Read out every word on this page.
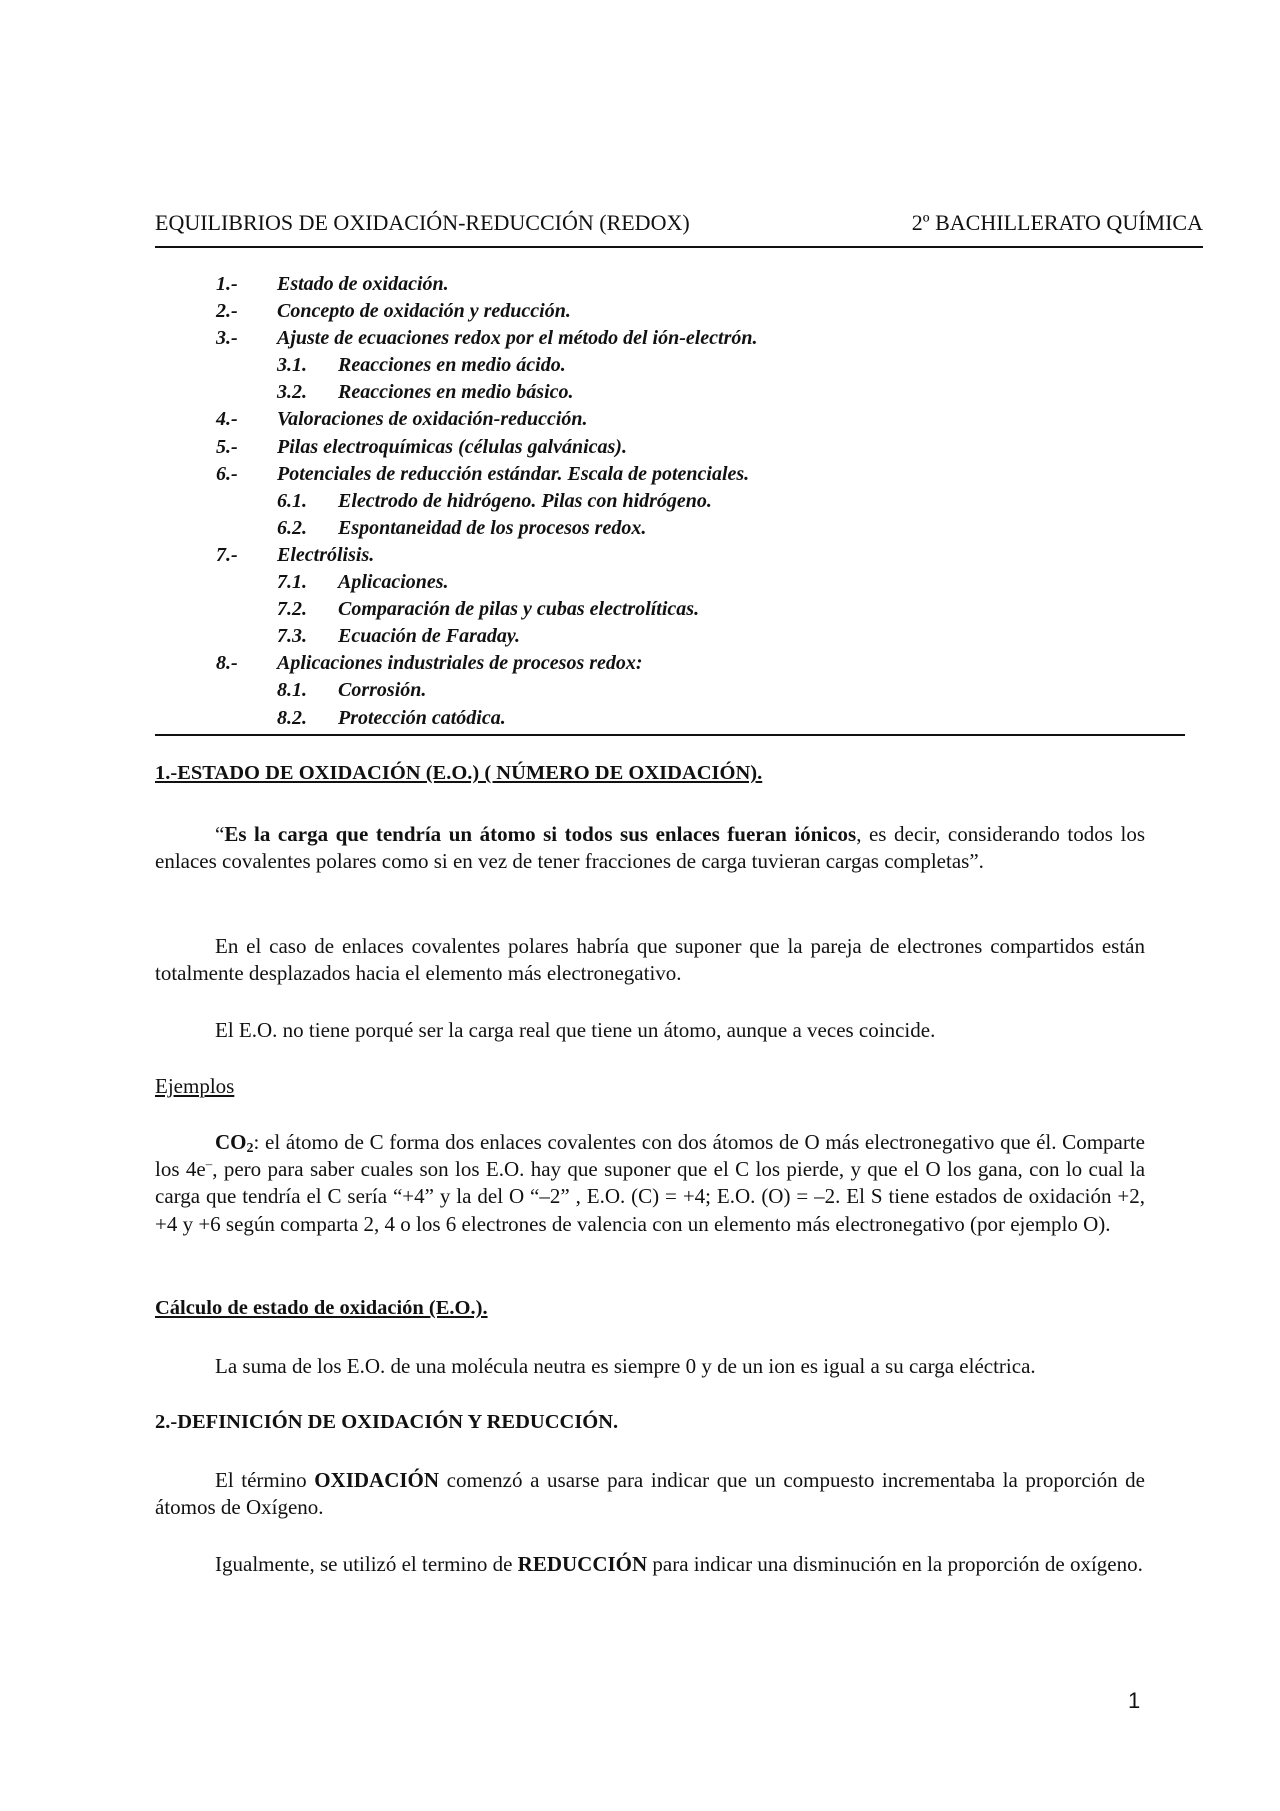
EQUILIBRIOS DE OXIDACIÓN-REDUCCIÓN (REDOX)	2º BACHILLERATO QUÍMICA
1.-	Estado de oxidación.
2.-	Concepto de oxidación y reducción.
3.-	Ajuste de ecuaciones redox por el método del ión-electrón.
3.1.	Reacciones en medio ácido.
3.2.	Reacciones en medio básico.
4.-	Valoraciones de oxidación-reducción.
5.-	Pilas electroquímicas (células galvánicas).
6.-	Potenciales de reducción estándar. Escala de potenciales.
6.1.	Electrodo de hidrógeno. Pilas con hidrógeno.
6.2.	Espontaneidad de los procesos redox.
7.-	Electrólisis.
7.1.	Aplicaciones.
7.2.	Comparación de pilas y cubas electrolíticas.
7.3.	Ecuación de Faraday.
8.-	Aplicaciones industriales de procesos redox:
8.1.	Corrosión.
8.2.	Protección catódica.
1.-ESTADO DE OXIDACIÓN (E.O.) ( NÚMERO DE OXIDACIÓN).

“Es la carga que tendría un átomo si todos sus enlaces fueran iónicos, es decir, considerando todos los enlaces covalentes polares como si en vez de tener fracciones de carga tuvieran cargas completas”.

En el caso de enlaces covalentes polares habría que suponer que la pareja de electrones compartidos están totalmente desplazados hacia el elemento más electronegativo.

El E.O. no tiene porqué ser la carga real que tiene un átomo, aunque a veces coincide.

Ejemplos

$CO_2$: el átomo de C forma dos enlaces covalentes con dos átomos de O más electronegativo que él. Comparte los 4e–, pero para saber cuales son los E.O. hay que suponer que el C los pierde, y que el O los gana, con lo cual la carga que tendría el C sería “+4” y la del O “–2” , E.O. (C) = +4; E.O. (O) = –2. El S tiene estados de oxidación +2, +4 y +6 según comparta 2, 4 o los 6 electrones de valencia con un elemento más electronegativo (por ejemplo O).

Cálculo de estado de oxidación (E.O.).

La suma de los E.O. de una molécula neutra es siempre 0 y de un ion es igual a su carga eléctrica.

2.-DEFINICIÓN DE OXIDACIÓN Y REDUCCIÓN.

El término OXIDACIÓN comenzó a usarse para indicar que un compuesto incrementaba la proporción de átomos de Oxígeno.

Igualmente, se utilizó el termino de REDUCCIÓN para indicar una disminución en la proporción de oxígeno.

1
